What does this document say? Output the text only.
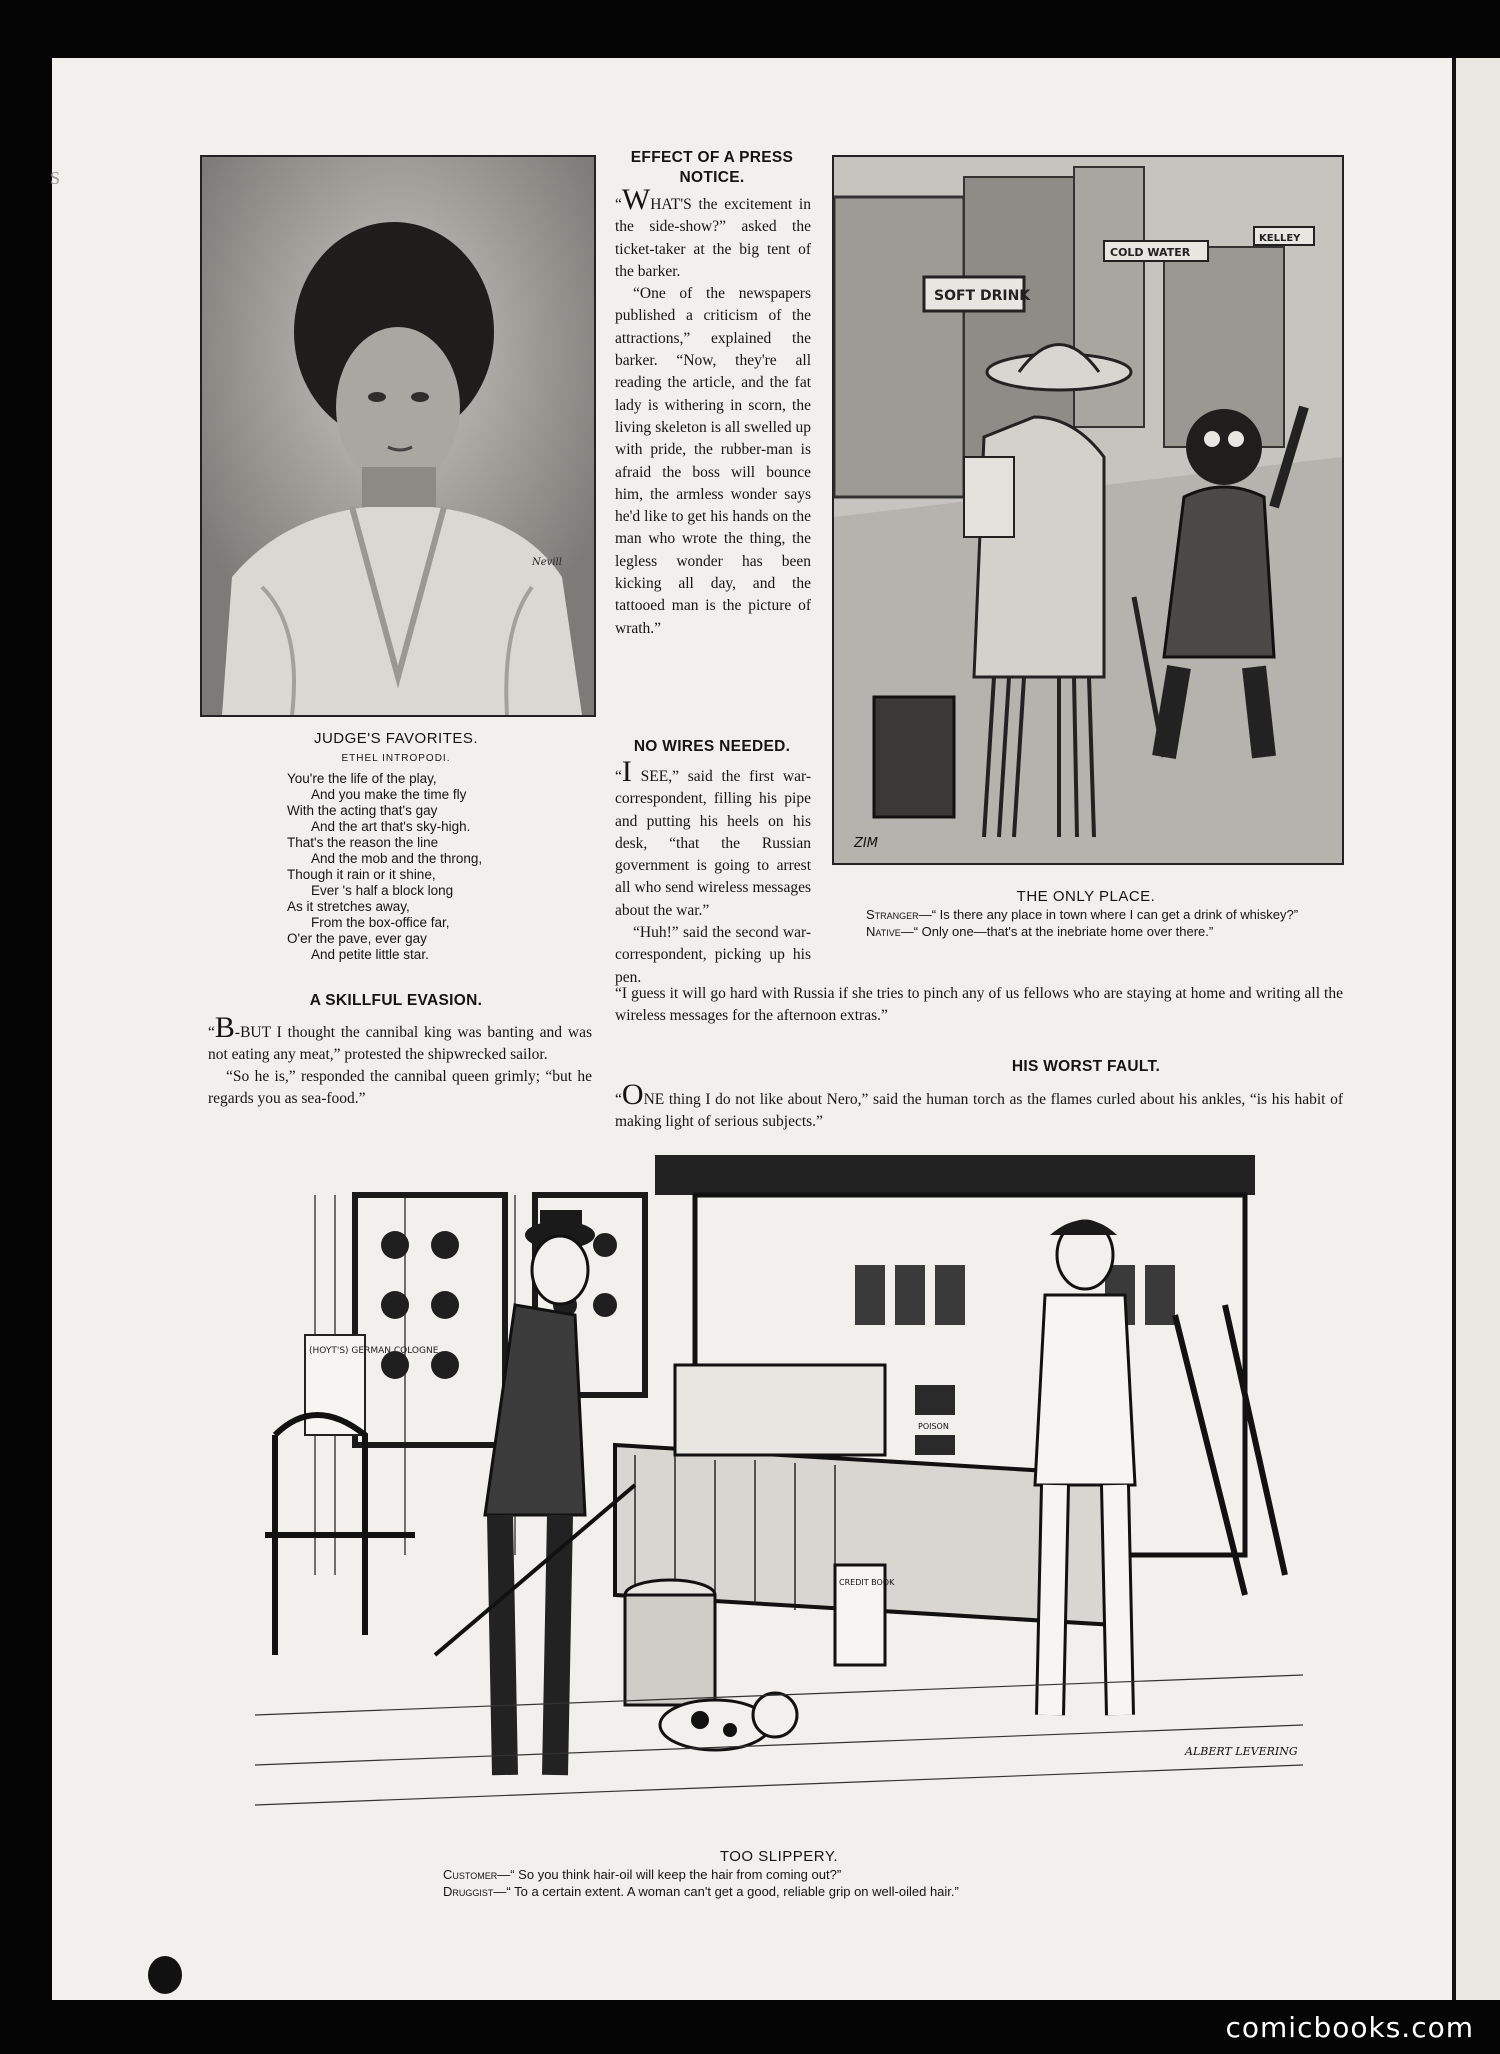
S
Nevill
JUDGE'S FAVORITES.
ETHEL INTROPODI.
You're the life of the play,
And you make the time fly
With the acting that's gay
And the art that's sky-high.
That's the reason the line
And the mob and the throng,
Though it rain or it shine,
Ever 's half a block long
As it stretches away,
From the box-office far,
O'er the pave, ever gay
And petite little star.
A SKILLFUL EVASION.
“B-BUT I thought the cannibal king was banting and was not eating any meat,” protested the shipwrecked sailor.
“So he is,” responded the cannibal queen grimly; “but he regards you as sea-food.”
EFFECT OF A PRESS NOTICE.
“WHAT'S the excitement in the side-show?” asked the ticket-taker at the big tent of the barker.
“One of the newspapers published a criticism of the attractions,” explained the barker. “Now, they're all reading the article, and the fat lady is withering in scorn, the living skeleton is all swelled up with pride, the rubber-man is afraid the boss will bounce him, the armless wonder says he'd like to get his hands on the man who wrote the thing, the legless wonder has been kicking all day, and the tattooed man is the picture of wrath.”
NO WIRES NEEDED.
“I SEE,” said the first war-correspondent, filling his pipe and putting his heels on his desk, “that the Russian government is going to arrest all who send wireless messages about the war.”
“Huh!” said the second war-correspondent, picking up his pen.
“I guess it will go hard with Russia if she tries to pinch any of us fellows who are staying at home and writing all the wireless messages for the afternoon extras.”
SOFT DRINK
COLD WATER
KELLEY
ZIM
THE ONLY PLACE.
Stranger—“ Is there any place in town where I can get a drink of whiskey?”
Native—“ Only one—that's at the inebriate home over there.”
HIS WORST FAULT.
“ONE thing I do not like about Nero,” said the human torch as the flames curled about his ankles, “is his habit of making light of serious subjects.”
(HOYT'S) GERMAN COLOGNE
POISON
CREDIT BOOK
ALBERT LEVERING
TOO SLIPPERY.
Customer—“ So you think hair-oil will keep the hair from coming out?”
Druggist—“ To a certain extent. A woman can't get a good, reliable grip on well-oiled hair.”
comicbooks.com
